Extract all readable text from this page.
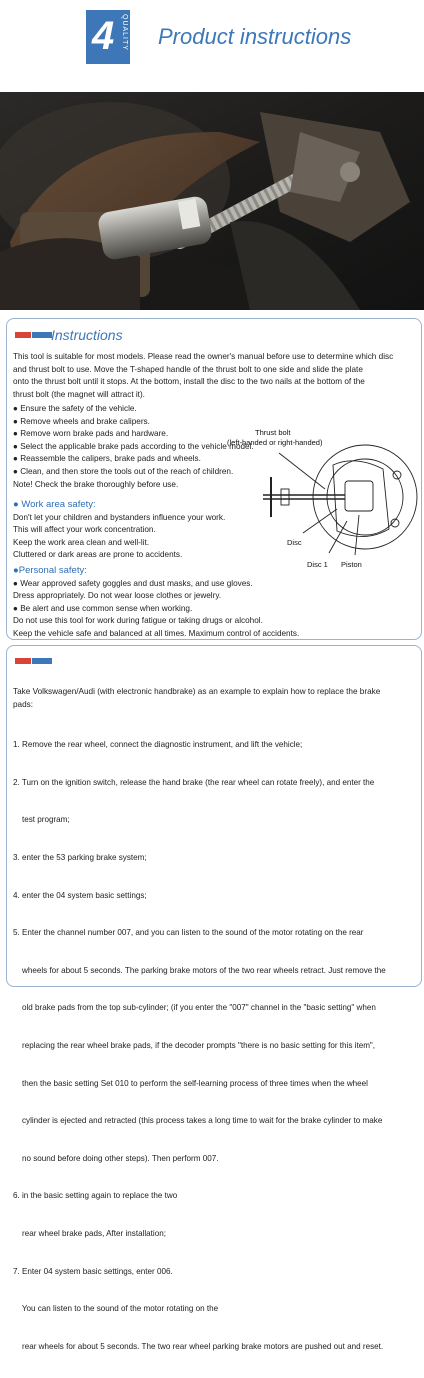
4 QUALITY Product instructions
Instructions
This tool is suitable for most models. Please read the owner's manual before use to determine which disc
and thrust bolt to use. Move the T-shaped handle of the thrust bolt to one side and slide the plate
onto the thrust bolt until it stops. At the bottom, install the disc to the two nails at the bottom of the
thrust bolt (the magnet will attract it).
● Ensure the safety of the vehicle.
● Remove wheels and brake calipers.
● Remove worn brake pads and hardware.
● Select the applicable brake pads according to the vehicle model.
● Reassemble the calipers, brake pads and wheels.
● Clean, and then store the tools out of the reach of children.
Note! Check the brake thoroughly before use.
● Work area safety:
Don't let your children and bystanders influence your work.
This will affect your work concentration.
Keep the work area clean and well-lit.
Cluttered or dark areas are prone to accidents.
●Personal safety:
● Wear approved safety goggles and dust masks, and use gloves.
Dress appropriately. Do not wear loose clothes or jewelry.
● Be alert and use common sense when working.
Do not use this tool for work during fatigue or taking drugs or alcohol.
Keep the vehicle safe and balanced at all times. Maximum control of accidents.
Thrust bolt
(left-handed or right-handed)
Disc
Disc 1 Piston
Take Volkswagen/Audi (with electronic handbrake) as an example to explain how to replace the brake
pads:

1. Remove the rear wheel, connect the diagnostic instrument, and lift the vehicle;

2. Turn on the ignition switch, release the hand brake (the rear wheel can rotate freely), and enter the

test program;

3. enter the 53 parking brake system;

4. enter the 04 system basic settings;

5. Enter the channel number 007, and you can listen to the sound of the motor rotating on the rear

wheels for about 5 seconds. The parking brake motors of the two rear wheels retract. Just remove the

old brake pads from the top sub-cylinder; (if you enter the "007" channel in the "basic setting" when

replacing the rear wheel brake pads, if the decoder prompts "there is no basic setting for this item",

then the basic setting Set 010 to perform the self-learning process of three times when the wheel

cylinder is ejected and retracted (this process takes a long time to wait for the brake cylinder to make

no sound before doing other steps). Then perform 007.

6. in the basic setting again to replace the two

rear wheel brake pads, After installation;

7. Enter 04 system basic settings, enter 006.

You can listen to the sound of the motor rotating on the

rear wheels for about 5 seconds. The two rear wheel parking brake motors are pushed out and reset.
